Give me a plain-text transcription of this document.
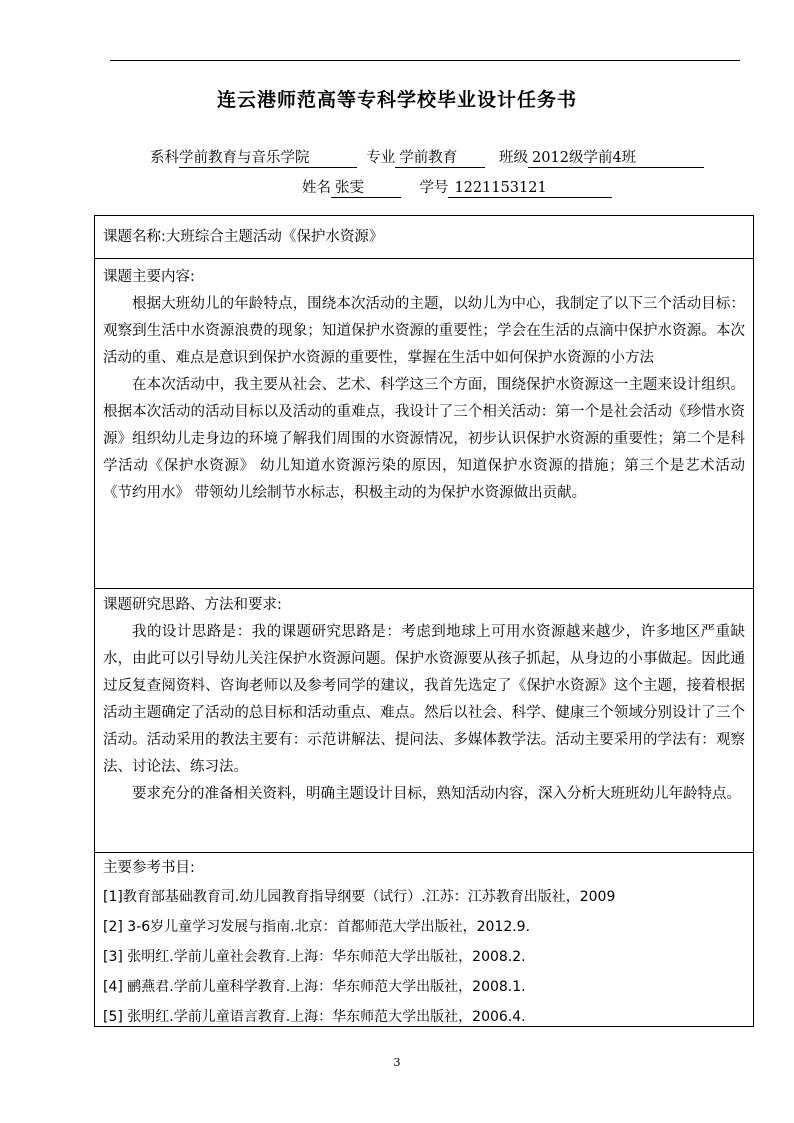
连云港师范高等专科学校毕业设计任务书
系科学前教育与音乐学院	专业 学前教育	班级 2012级学前4班
姓名 张雯	学号 1221153121
课题名称:大班综合主题活动《保护水资源》
课题主要内容:

根据大班幼儿的年龄特点，围绕本次活动的主题，以幼儿为中心，我制定了以下三个活动目标：观察到生活中水资源浪费的现象；知道保护水资源的重要性；学会在生活的点滴中保护水资源。本次活动的重、难点是意识到保护水资源的重要性，掌握在生活中如何保护水资源的小方法

在本次活动中，我主要从社会、艺术、科学这三个方面，围绕保护水资源这一主题来设计组织。 根据本次活动的活动目标以及活动的重难点，我设计了三个相关活动：第一个是社会活动《珍惜水资源》组织幼儿走身边的环境了解我们周围的水资源情况，初步认识保护水资源的重要性；第二个是科学活动《保护水资源》 幼儿知道水资源污染的原因，知道保护水资源的措施；第三个是艺术活动《节约用水》 带领幼儿绘制节水标志，积极主动的为保护水资源做出贡献。

课题研究思路、方法和要求:

我的设计思路是：我的课题研究思路是：考虑到地球上可用水资源越来越少，许多地区严重缺水，由此可以引导幼儿关注保护水资源问题。保护水资源要从孩子抓起，从身边的小事做起。因此通过反复查阅资料、咨询老师以及参考同学的建议，我首先选定了《保护水资源》这个主题，接着根据活动主题确定了活动的总目标和活动重点、难点。然后以社会、科学、健康三个领域分别设计了三个活动。活动采用的教法主要有：示范讲解法、提问法、多媒体教学法。活动主要采用的学法有：观察法、讨论法、练习法。

要求充分的准备相关资料，明确主题设计目标，熟知活动内容，深入分析大班班幼儿年龄特点。

主要参考书目:
[1]教育部基础教育司.幼儿园教育指导纲要（试行）.江苏：江苏教育出版社，2009
[2] 3-6岁儿童学习发展与指南.北京：首都师范大学出版社，2012.9.
[3] 张明红.学前儿童社会教育.上海：华东师范大学出版社，2008.2.
[4] 鹂燕君.学前儿童科学教育.上海：华东师范大学出版社，2008.1.
[5] 张明红.学前儿童语言教育.上海：华东师范大学出版社，2006.4.
3
